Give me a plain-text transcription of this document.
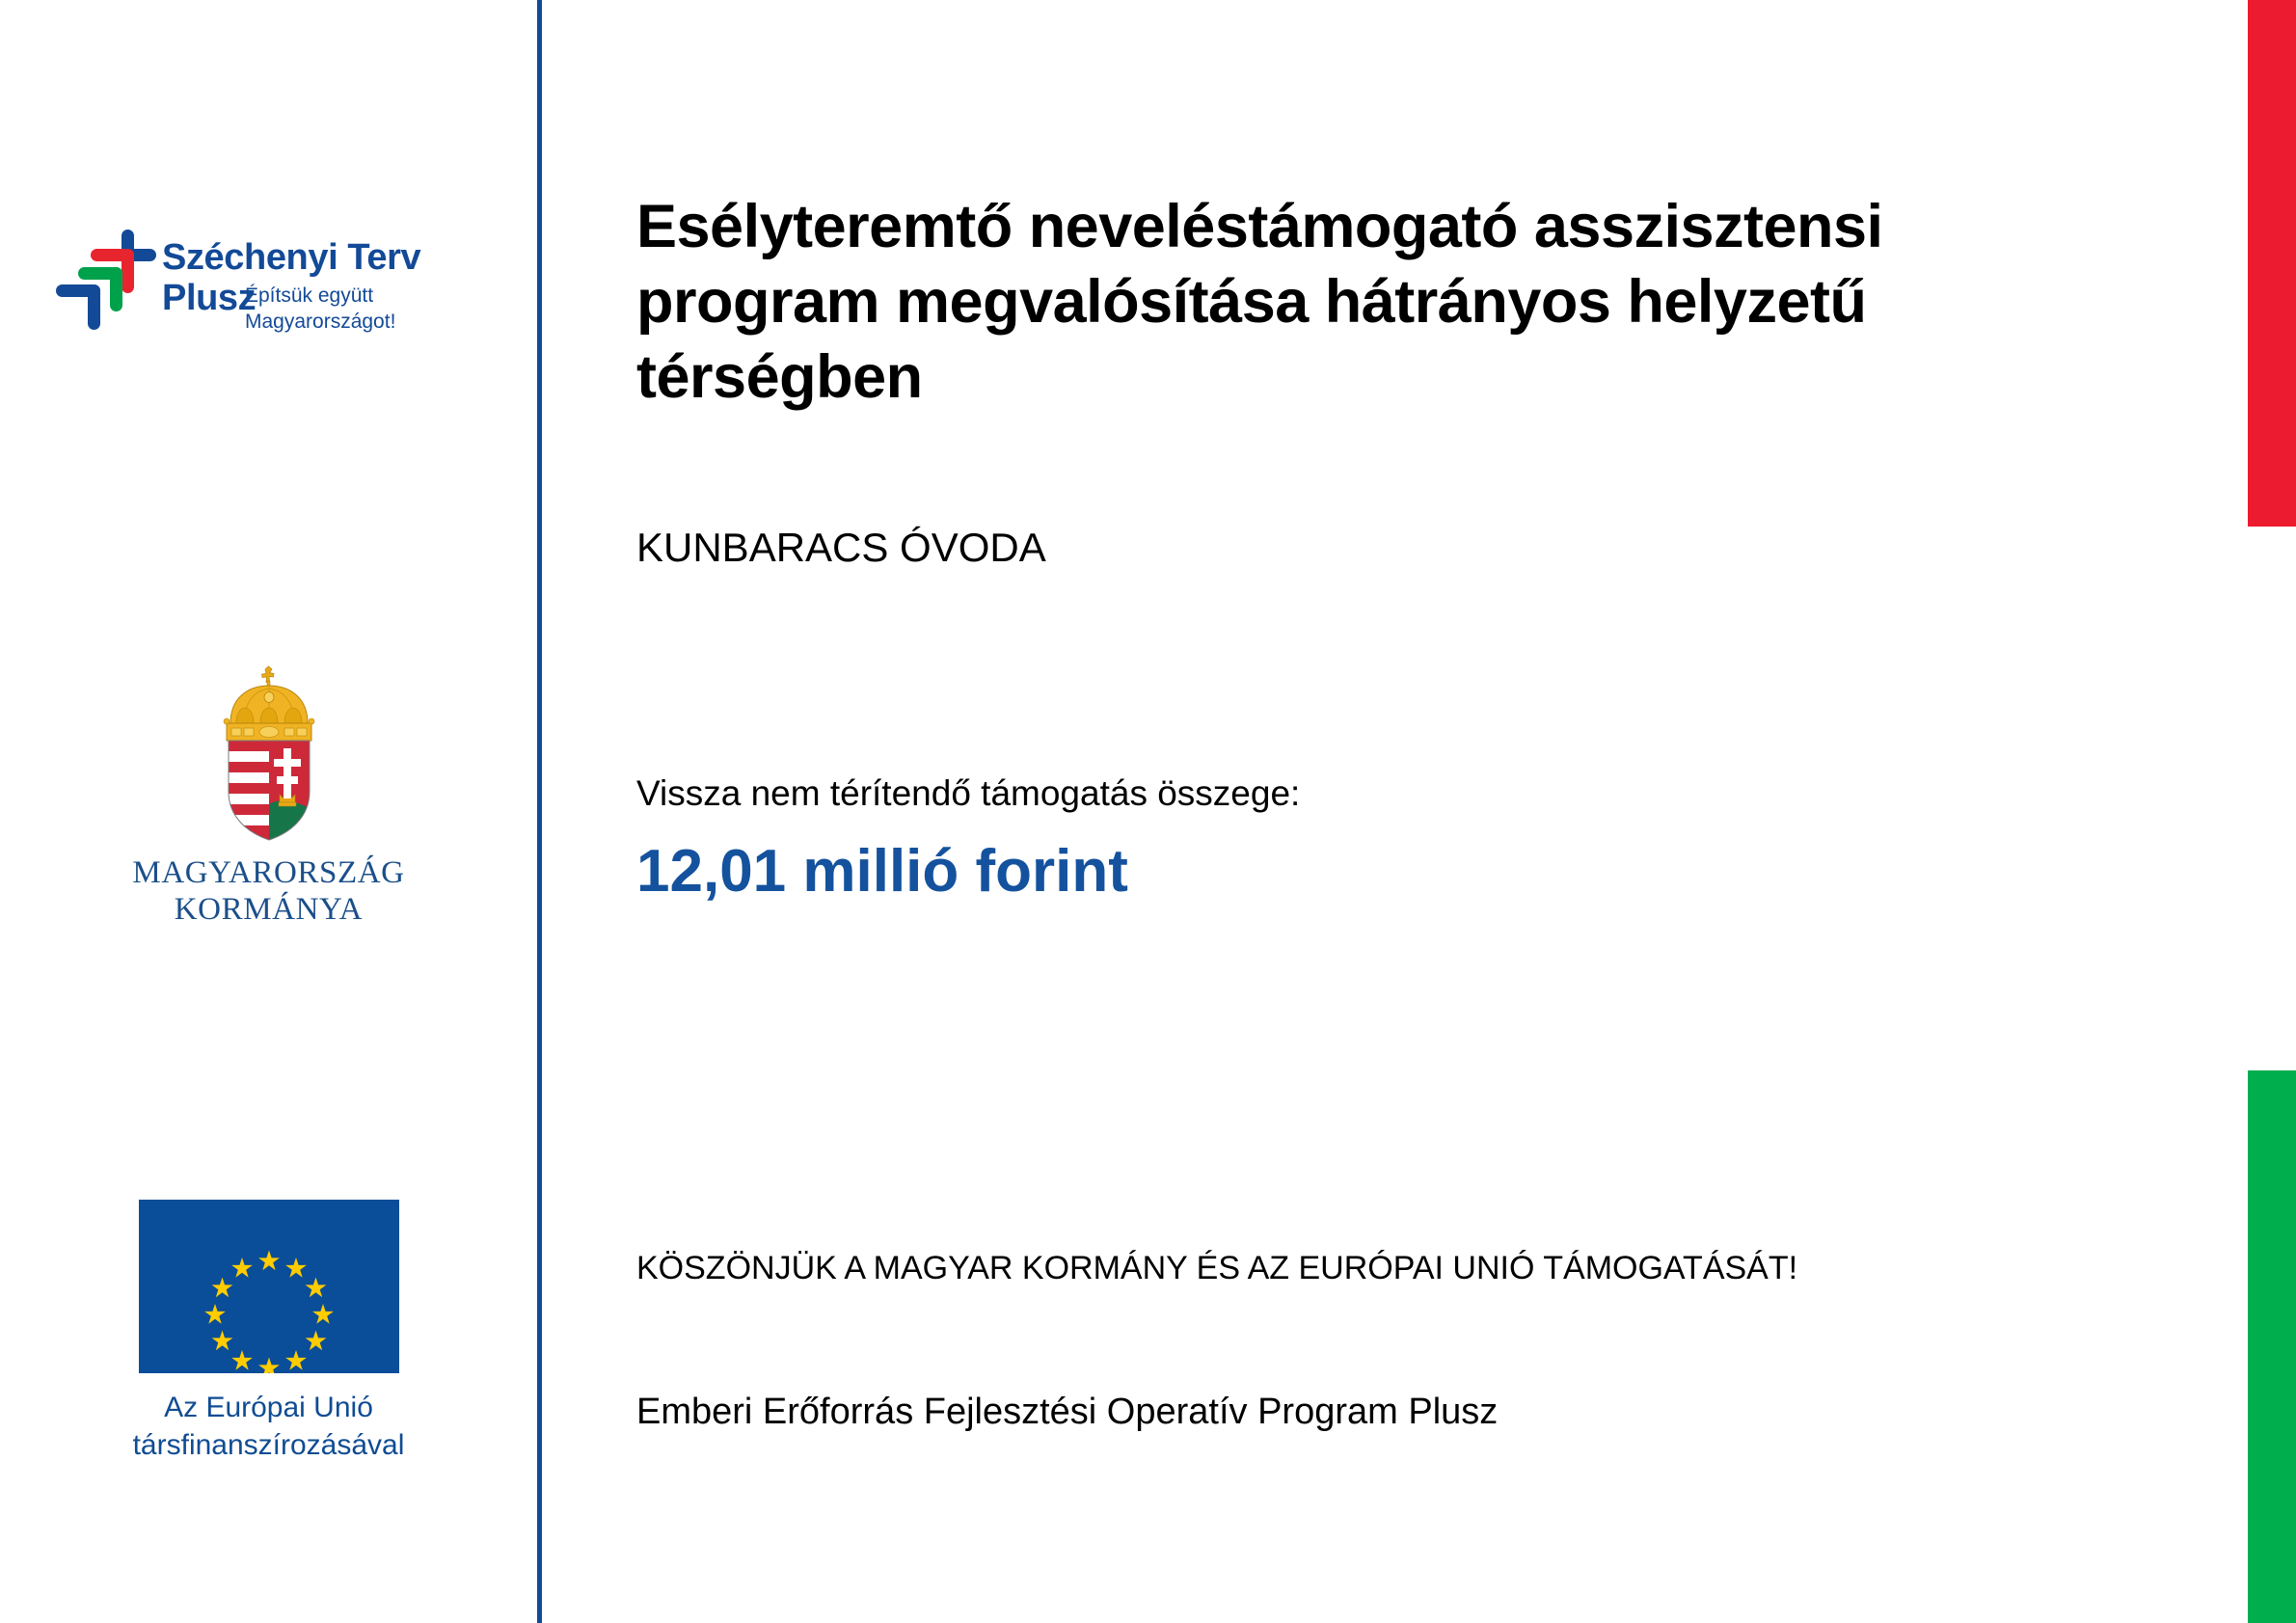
Széchenyi Terv
Plusz
Építsük együtt
Magyarországot!
MAGYARORSZÁG
KORMÁNYA
Az Európai Unió
társfinanszírozásával
Esélyteremtő neveléstámogató asszisztensi program megvalósítása hátrányos helyzetű térségben
KUNBARACS ÓVODA
Vissza nem térítendő támogatás összege:
12,01 millió forint
KÖSZÖNJÜK A MAGYAR KORMÁNY ÉS AZ EURÓPAI UNIÓ TÁMOGATÁSÁT!
Emberi Erőforrás Fejlesztési Operatív Program Plusz
